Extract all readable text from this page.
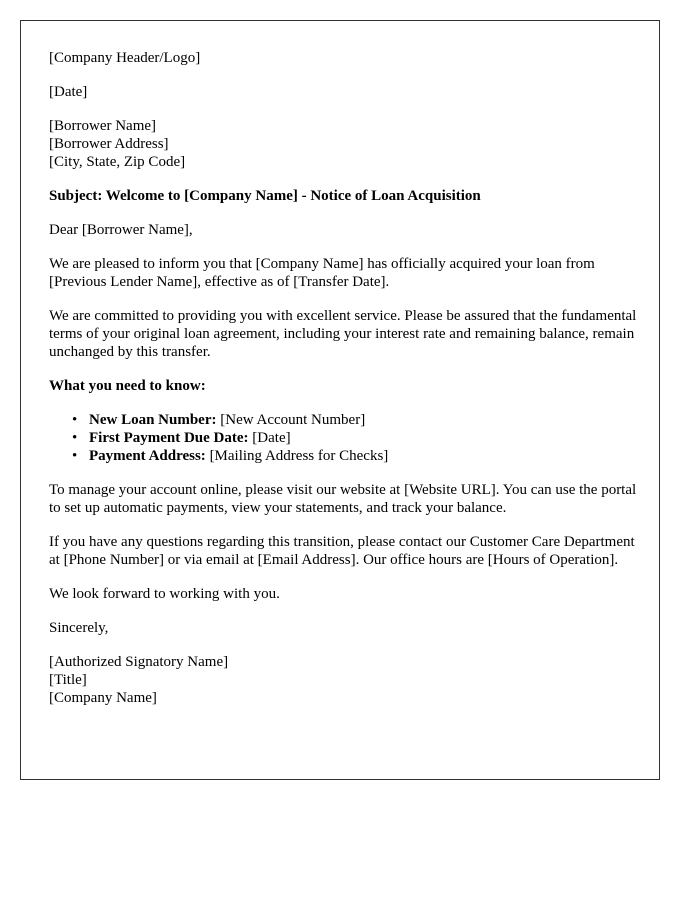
[Company Header/Logo]
[Date]
[Borrower Name]
[Borrower Address]
[City, State, Zip Code]
Subject: Welcome to [Company Name] - Notice of Loan Acquisition
Dear [Borrower Name],

We are pleased to inform you that [Company Name] has officially acquired your loan from [Previous Lender Name], effective as of [Transfer Date].

We are committed to providing you with excellent service. Please be assured that the fundamental terms of your original loan agreement, including your interest rate and remaining balance, remain unchanged by this transfer.

What you need to know:
• New Loan Number: [New Account Number]
• First Payment Due Date: [Date]
• Payment Address: [Mailing Address for Checks]

To manage your account online, please visit our website at [Website URL]. You can use the portal to set up automatic payments, view your statements, and track your balance.

If you have any questions regarding this transition, please contact our Customer Care Department at [Phone Number] or via email at [Email Address]. Our office hours are [Hours of Operation].

We look forward to working with you.
Sincerely,
[Authorized Signatory Name]
[Title]
[Company Name]
